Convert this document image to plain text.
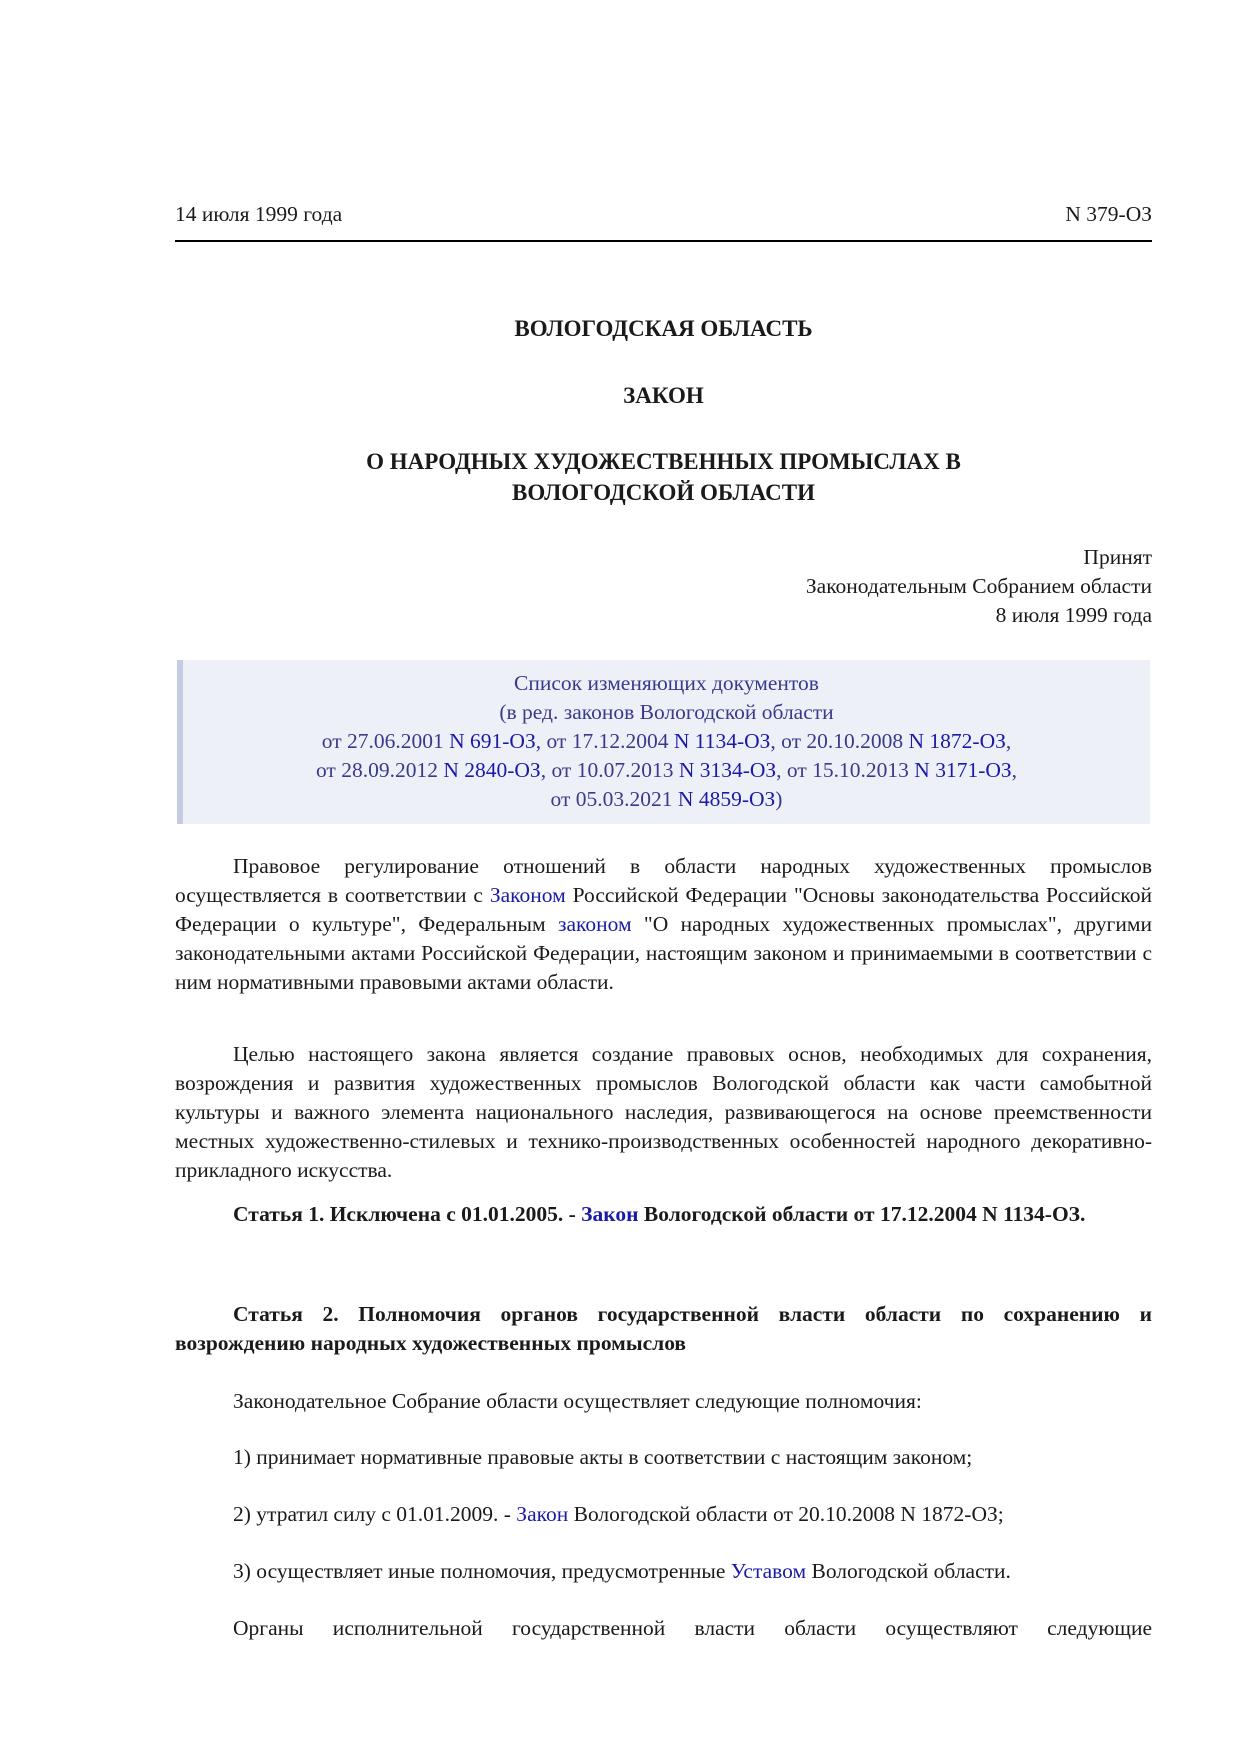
14 июля 1999 года	N 379-ОЗ
ВОЛОГОДСКАЯ ОБЛАСТЬ
ЗАКОН
О НАРОДНЫХ ХУДОЖЕСТВЕННЫХ ПРОМЫСЛАХ В
ВОЛОГОДСКОЙ ОБЛАСТИ
Принят
Законодательным Собранием области
8 июля 1999 года
Список изменяющих документов
(в ред. законов Вологодской области
от 27.06.2001 N 691-ОЗ, от 17.12.2004 N 1134-ОЗ, от 20.10.2008 N 1872-ОЗ,
от 28.09.2012 N 2840-ОЗ, от 10.07.2013 N 3134-ОЗ, от 15.10.2013 N 3171-ОЗ,
от 05.03.2021 N 4859-ОЗ)
Правовое регулирование отношений в области народных художественных промыслов осуществляется в соответствии с Законом Российской Федерации "Основы законодательства Российской Федерации о культуре", Федеральным законом "О народных художественных промыслах", другими законодательными актами Российской Федерации, настоящим законом и принимаемыми в соответствии с ним нормативными правовыми актами области.
Целью настоящего закона является создание правовых основ, необходимых для сохранения, возрождения и развития художественных промыслов Вологодской области как части самобытной культуры и важного элемента национального наследия, развивающегося на основе преемственности местных художественно-стилевых и технико-производственных особенностей народного декоративно-прикладного искусства.
Статья 1. Исключена с 01.01.2005. - Закон Вологодской области от 17.12.2004 N 1134-ОЗ.
Статья 2. Полномочия органов государственной власти области по сохранению и возрождению народных художественных промыслов
Законодательное Собрание области осуществляет следующие полномочия:
1) принимает нормативные правовые акты в соответствии с настоящим законом;
2) утратил силу с 01.01.2009. - Закон Вологодской области от 20.10.2008 N 1872-ОЗ;
3) осуществляет иные полномочия, предусмотренные Уставом Вологодской области.
Органы исполнительной государственной власти области осуществляют следующие
